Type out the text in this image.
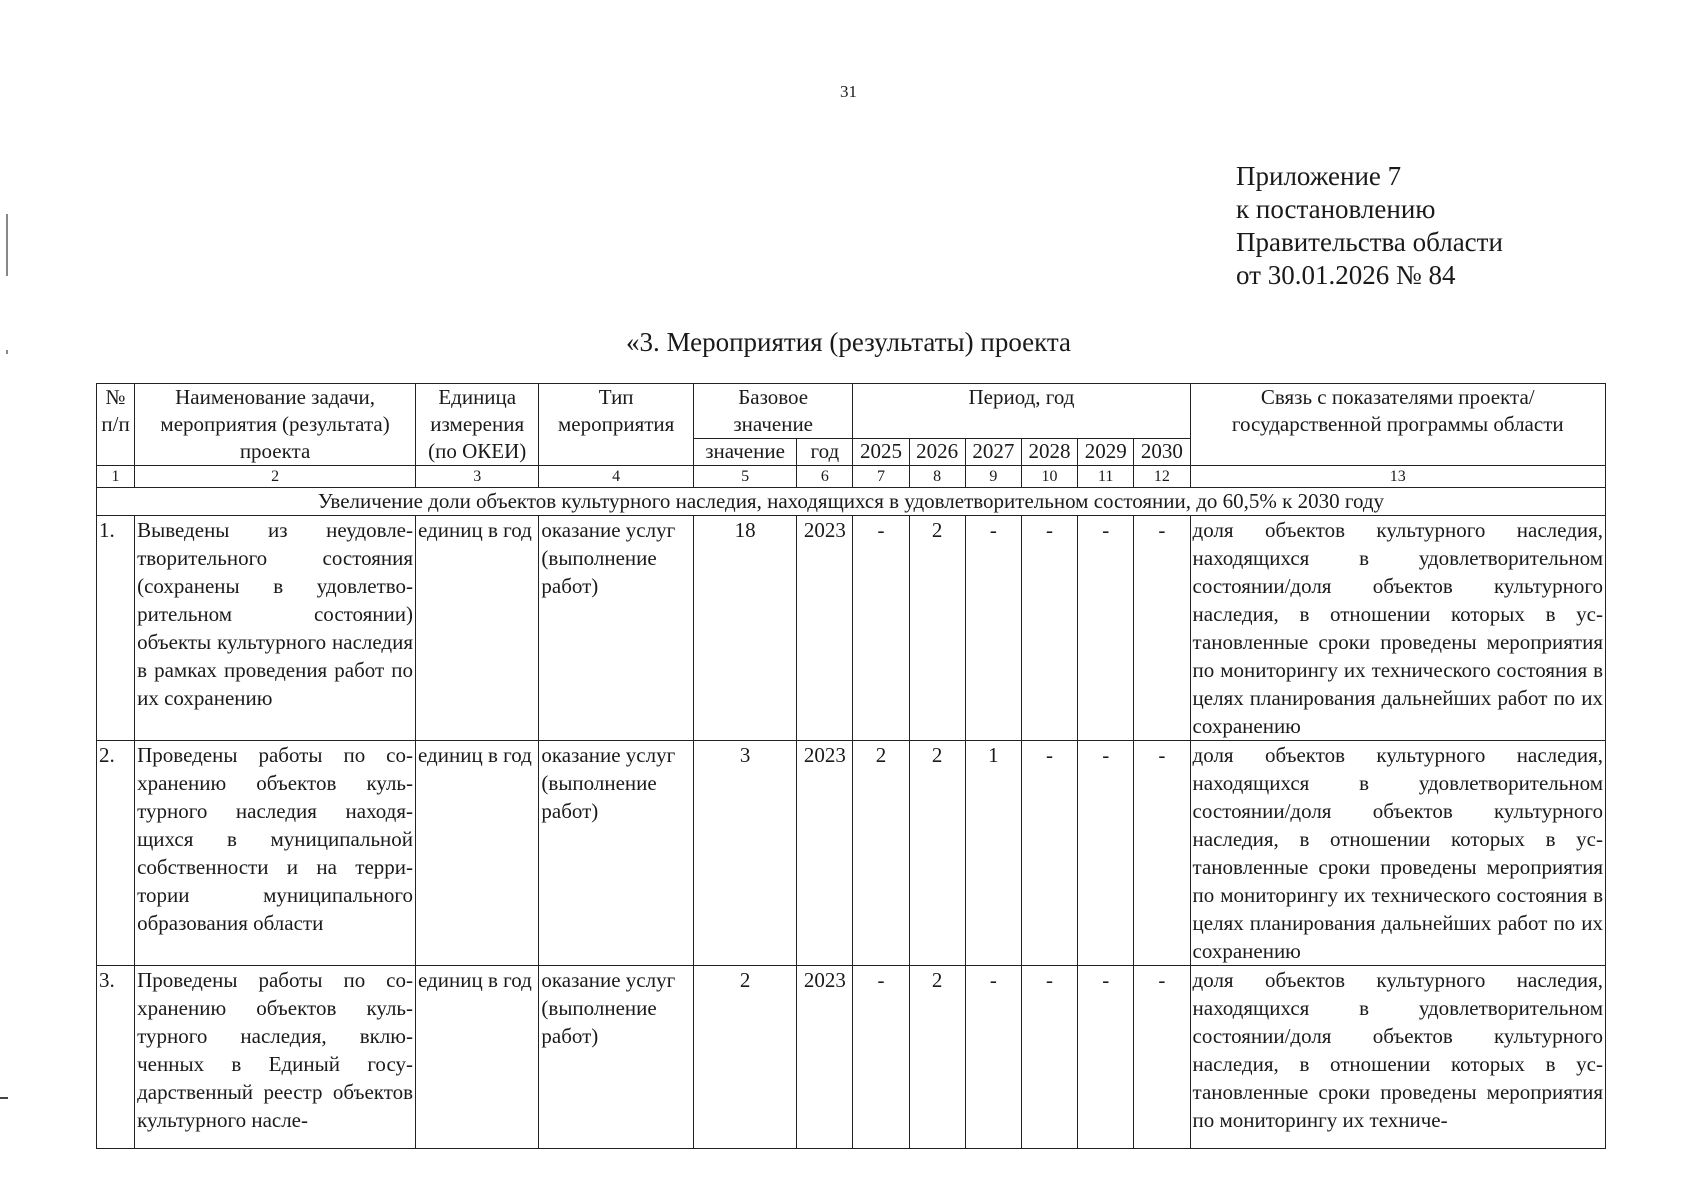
31
Приложение 7
к постановлению
Правительства области
от 30.01.2026 № 84
«3. Мероприятия (результаты) проекта
№ п/п	Наименование задачи, мероприятия (результата) проекта	Единица измерения (по ОКЕИ)	Тип мероприятия	Базовое значение		Период, год						Связь с показателями проекта/государственной программы области
				значение	год	2025	2026	2027	2028	2029	2030	
1	2	3	4	5	6	7	8	9	10	11	12	13
Увеличение доли объектов культурного наследия, находящихся в удовлетворительном состоянии, до 60,5% к 2030 году												
1.	Выведены из неудовлетворительного состояния (сохранены в удовлетворительном состоянии) объекты культурного наследия в рамках проведения работ по их сохранению	единиц в год	оказание услуг (выполнение работ)	18	2023	-	2	-	-	-	-	доля объектов культурного наследия, находящихся в удовлетворительном состоянии/доля объектов культурного наследия, в отношении которых в установленные сроки проведены мероприятия по мониторингу их технического состояния в целях планирования дальнейших работ по их сохранению
2.	Проведены работы по сохранению объектов культурного наследия находящихся в муниципальной собственности и на территории муниципального образования области	единиц в год	оказание услуг (выполнение работ)	3	2023	2	2	1	-	-	-	доля объектов культурного наследия, находящихся в удовлетворительном состоянии/доля объектов культурного наследия, в отношении которых в установленные сроки проведены мероприятия по мониторингу их технического состояния в целях планирования дальнейших работ по их сохранению
3.	Проведены работы по сохранению объектов культурного наследия, включенных в Единый государственный реестр объектов культурного насле-	единиц в год	оказание услуг (выполнение работ)	2	2023	-	2	-	-	-	-	доля объектов культурного наследия, находящихся в удовлетворительном состоянии/доля объектов культурного наследия, в отношении которых в установленные сроки проведены мероприятия по мониторингу их техниче-
